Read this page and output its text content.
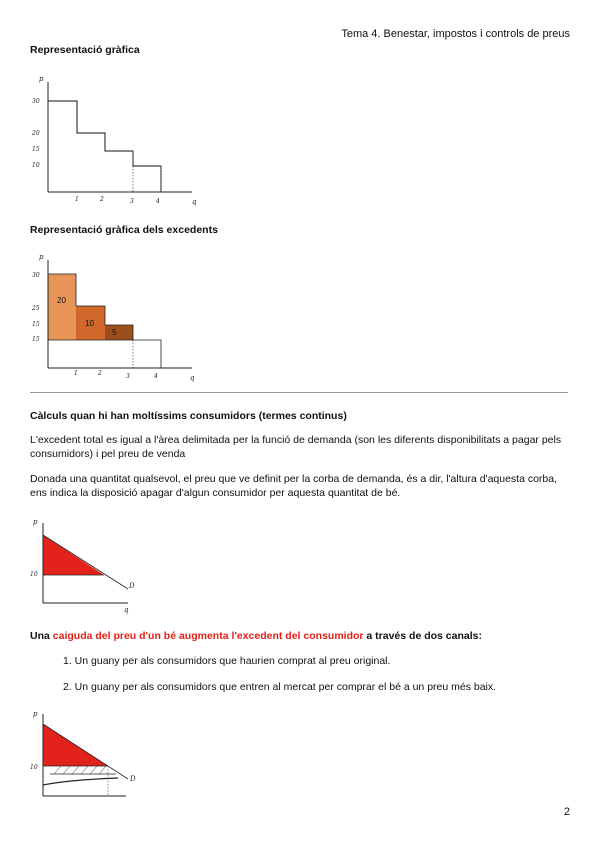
Tema 4. Benestar, impostos i controls de preus
Representació gràfica
p
30
20
15
10
1	2	3	4	q
Representació gràfica dels excedents
p
30
25
15
15
20
10
5
1	2	3	4	q
Càlculs quan hi han moltíssims consumidors (termes continus)
L'excedent total es igual a l'àrea delimitada per la funció de demanda (son les diferents disponibilitats a pagar pels consumidors) i pel preu de venda
Donada una quantitat qualsevol, el preu que ve definit per la corba de demanda, és a dir, l'altura d'aquesta corba, ens indica la disposició apagar d'algun consumidor per aquesta quantitat de bé.
p
10
D
q
Una caiguda del preu d'un bé augmenta l'excedent del consumidor a través de dos canals:
1. Un guany per als consumidors que haurien comprat al preu original.
2. Un guany per als consumidors que entren al mercat per comprar el bé a un preu més baix.
p
10
D
2
